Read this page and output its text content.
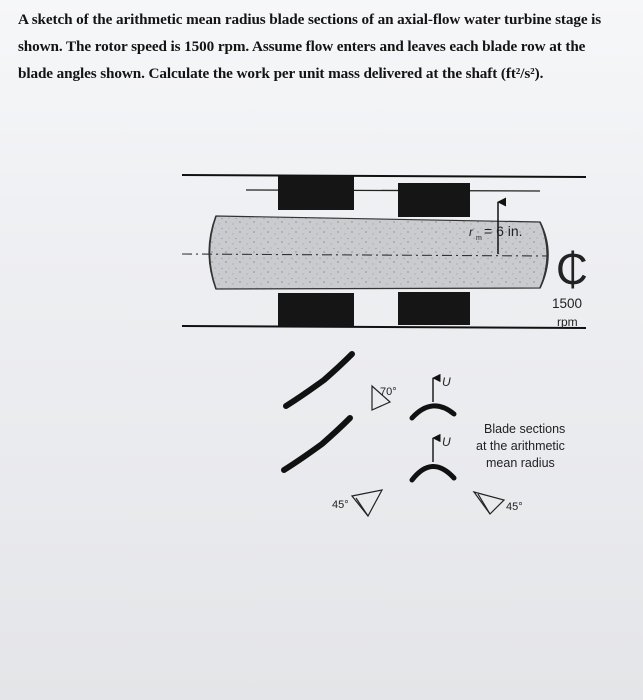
A sketch of the arithmetic mean radius blade sections of an axial-flow water turbine stage is

shown. The rotor speed is 1500 rpm. Assume flow enters and leaves each blade row at the

blade angles shown. Calculate the work per unit mass delivered at the shaft (ft²/s²).

r m = 6 in.
₵
1500
rpm
70°
U
U
Blade sections
at the arithmetic
mean radius
45°	45°
